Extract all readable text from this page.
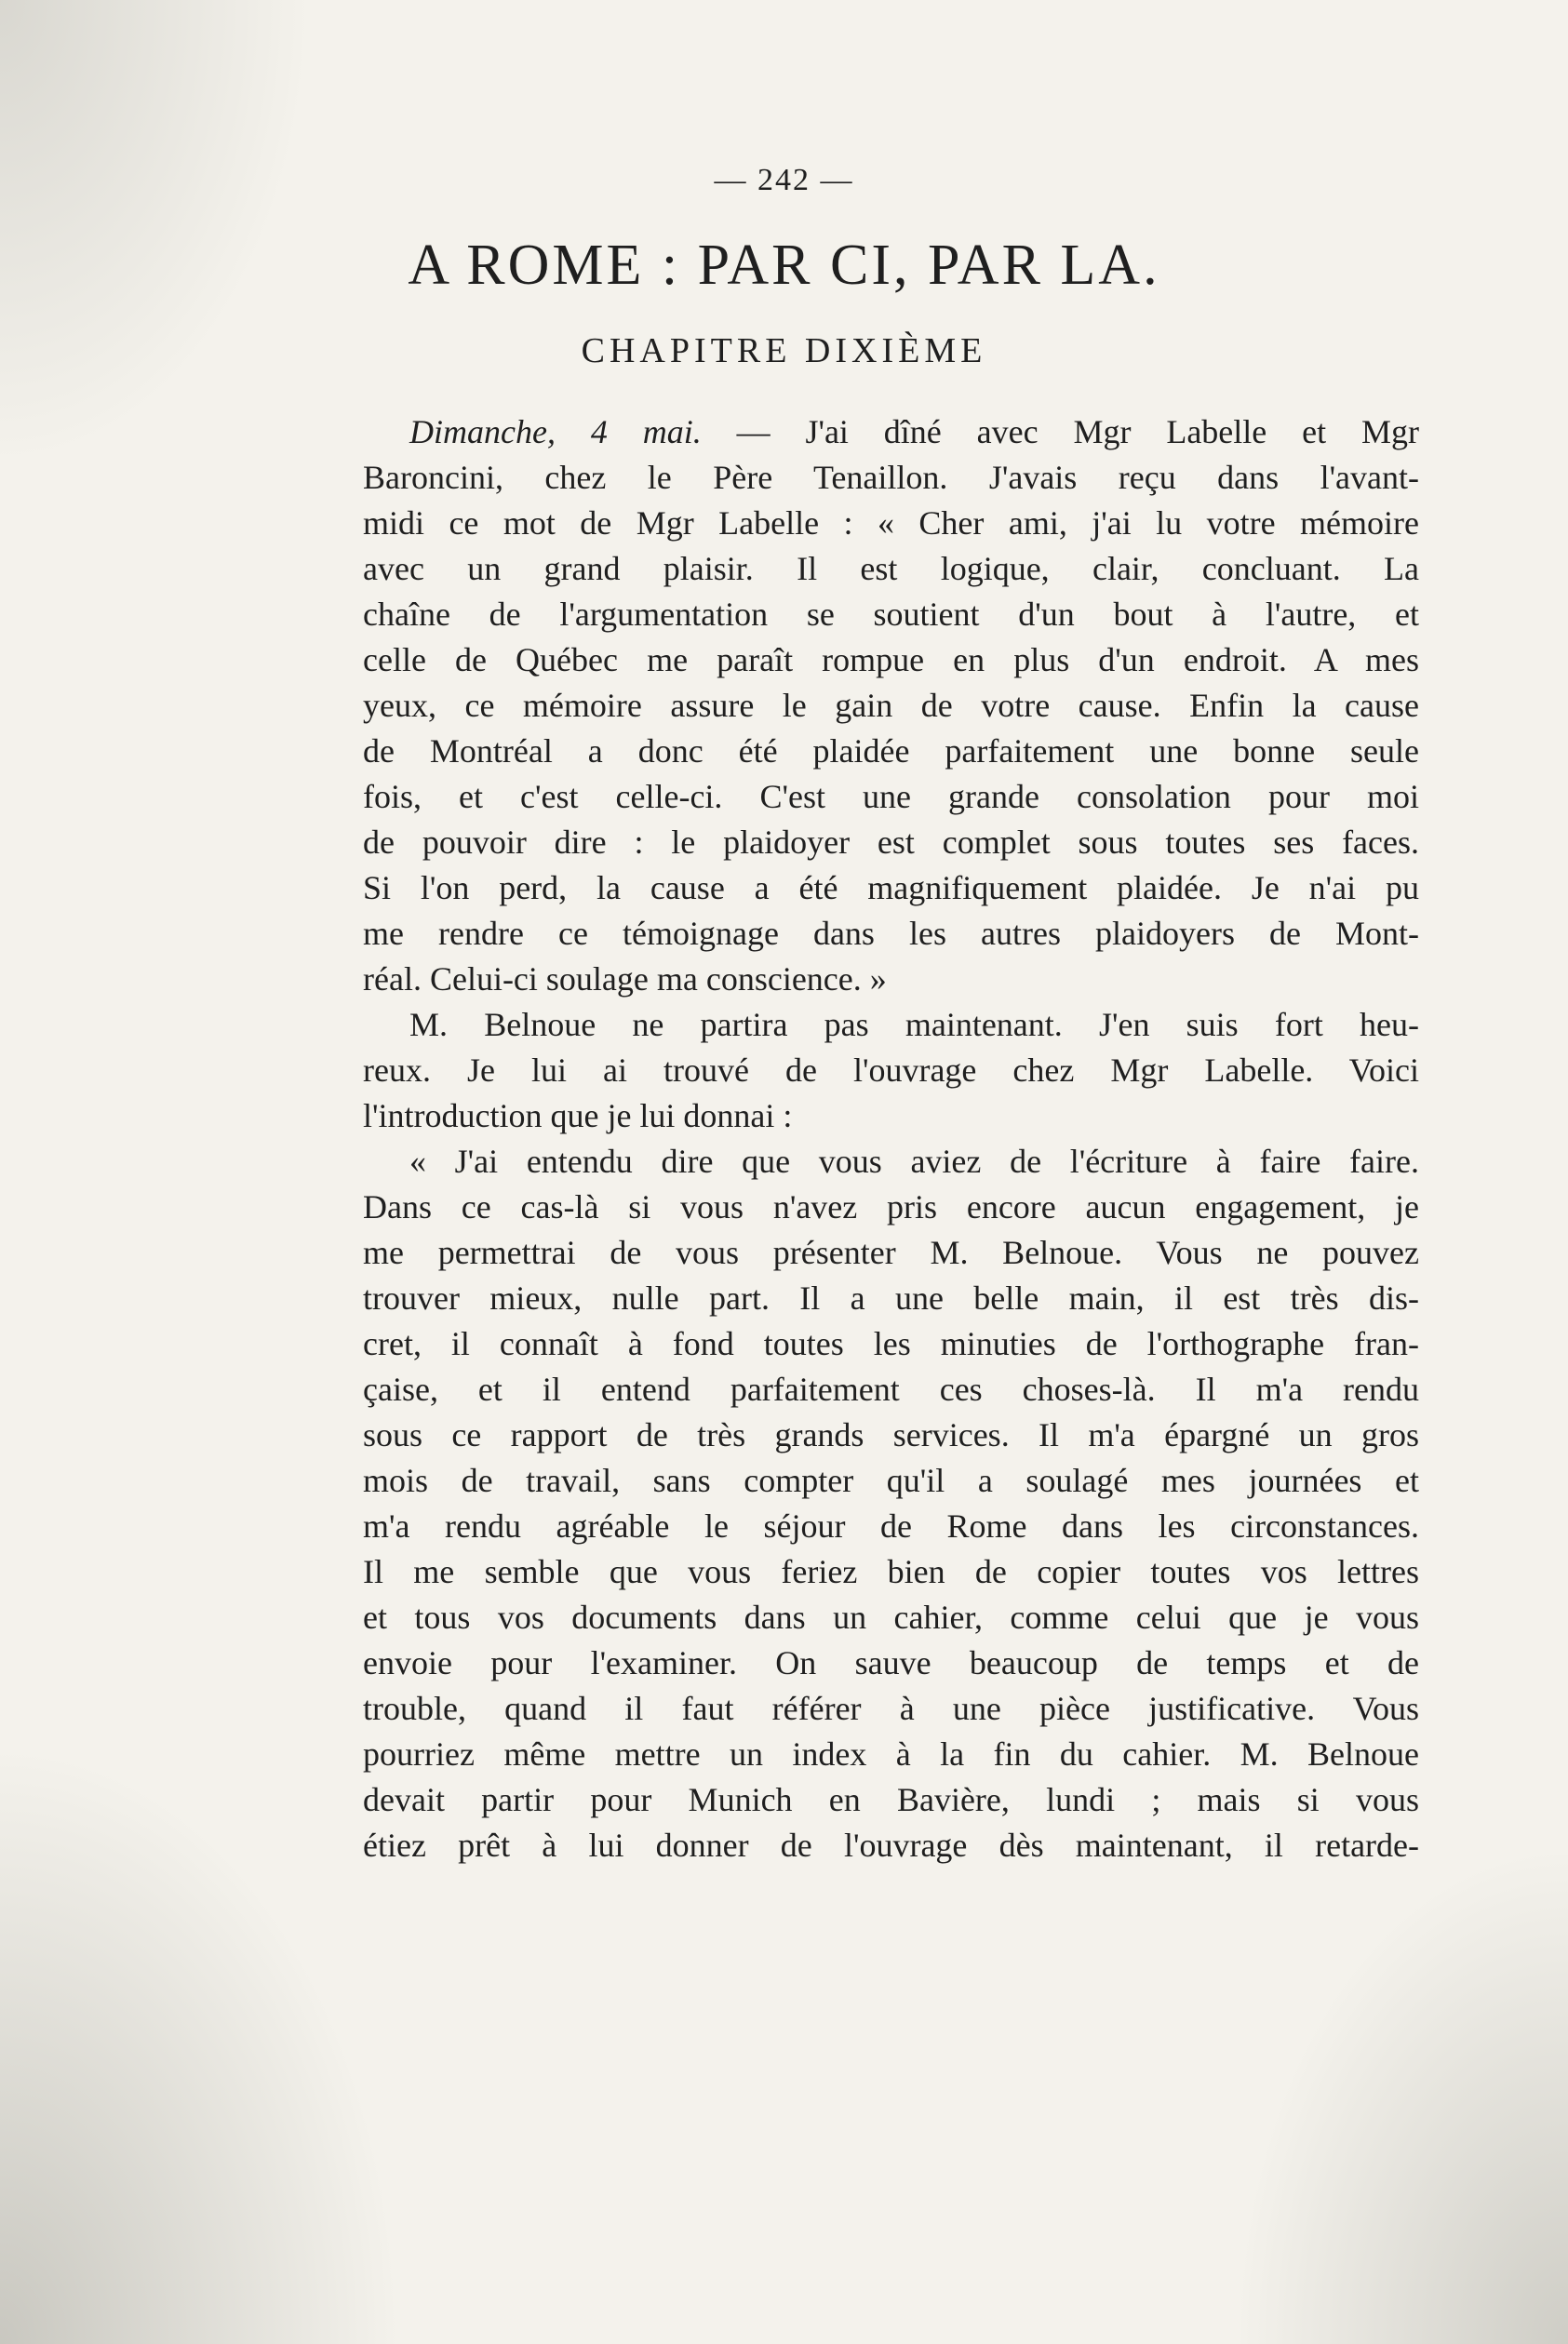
— 242 —
A ROME : PAR CI, PAR LA.
CHAPITRE DIXIÈME
Dimanche, 4 mai. — J'ai dîné avec Mgr Labelle et Mgr
Baroncini, chez le Père Tenaillon. J'avais reçu dans l'avant-
midi ce mot de Mgr Labelle : « Cher ami, j'ai lu votre mémoire
avec un grand plaisir. Il est logique, clair, concluant. La
chaîne de l'argumentation se soutient d'un bout à l'autre, et
celle de Québec me paraît rompue en plus d'un endroit. A mes
yeux, ce mémoire assure le gain de votre cause. Enfin la cause
de Montréal a donc été plaidée parfaitement une bonne seule
fois, et c'est celle-ci. C'est une grande consolation pour moi
de pouvoir dire : le plaidoyer est complet sous toutes ses faces.
Si l'on perd, la cause a été magnifiquement plaidée. Je n'ai pu
me rendre ce témoignage dans les autres plaidoyers de Mont-
réal. Celui-ci soulage ma conscience. »
M. Belnoue ne partira pas maintenant. J'en suis fort heu-
reux. Je lui ai trouvé de l'ouvrage chez Mgr Labelle. Voici
l'introduction que je lui donnai :
« J'ai entendu dire que vous aviez de l'écriture à faire faire.
Dans ce cas-là si vous n'avez pris encore aucun engagement, je
me permettrai de vous présenter M. Belnoue. Vous ne pouvez
trouver mieux, nulle part. Il a une belle main, il est très dis-
cret, il connaît à fond toutes les minuties de l'orthographe fran-
çaise, et il entend parfaitement ces choses-là. Il m'a rendu
sous ce rapport de très grands services. Il m'a épargné un gros
mois de travail, sans compter qu'il a soulagé mes journées et
m'a rendu agréable le séjour de Rome dans les circonstances.
Il me semble que vous feriez bien de copier toutes vos lettres
et tous vos documents dans un cahier, comme celui que je vous
envoie pour l'examiner. On sauve beaucoup de temps et de
trouble, quand il faut référer à une pièce justificative. Vous
pourriez même mettre un index à la fin du cahier. M. Belnoue
devait partir pour Munich en Bavière, lundi ; mais si vous
étiez prêt à lui donner de l'ouvrage dès maintenant, il retarde-
